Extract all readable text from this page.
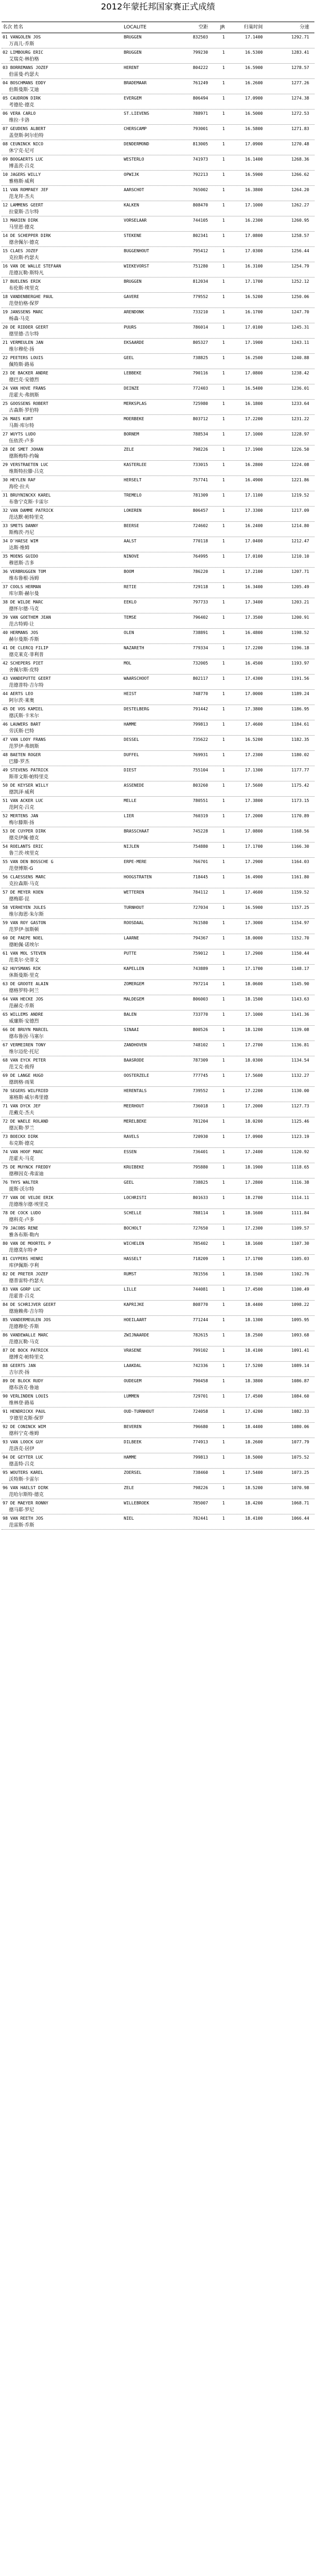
2012年蒙托邦国家赛正式成绩

名次 姓名	LOCALITE	空距	JR	归巢时间	分速
01 VANGOLEN JOS	BRUGGEN	832503	1	17.1400	1292.71
万高儿·乔斯
02 LIMBOURG ERIC	BRUGGEN	799230	1	16.5300	1283.41
艾瑞克·林伯格
03 BORREMANS JOZEF	HERENT	804222	1	16.5900	1278.57
伯雷曼·约瑟夫
04 BOSCHMANS EDDY	BRADEMAAR	761249	1	16.2600	1277.26
伯斯曼斯·艾迪
05 CAUDRON DIRK	EVERGEM	806494	1	17.0900	1274.38
考德伦·德克
06 VERA CARLO	ST.LIEVENS	788971	1	16.5000	1272.53
维拉·卡洛
07 GEUDENS ALBERT	CHERSCAMP	793001	1	16.5800	1271.83
盖登斯·阿尔伯特
08 CEUNINCK NICO	DENDERMOND	813005	1	17.0900	1270.48
休宁克·尼可
09 BOOGAERTS LUC	WESTERLO	741973	1	16.1400	1268.36
博盖茨·吕克
10 JAGERS WILLY	OPWIJK	792213	1	16.5900	1266.62
雅格斯·威利
11 VAN ROMPAEY JEF	AARSCHOT	765002	1	16.3800	1264.20
范龙拜·杰夫
12 LAMMENS GEERT	KALKEN	808470	1	17.1000	1262.27
拉蒙斯·吉尔特
13 MARIEN DIRK	VORSELAAR	744105	1	16.2300	1260.95
马里恩·德克
14 DE SCHEPPER DIRK	STEKENE	802341	1	17.0800	1258.57
德舍佩尔·德克
15 CLAES JOZEF	BUGGENHOUT	795412	1	17.0300	1256.44
克拉斯·约瑟夫
16 VAN DE WALLE STEFAAN	WIEKEVORST	751280	1	16.3100	1254.79
范德瓦勒·斯特凡
17 BUELENS ERIK	BRUGGEN	812034	1	17.1700	1252.12
布伦斯·埃里克
18 VANDENBERGHE PAUL	GAVERE	779552	1	16.5200	1250.06
范登伯格·保罗
19 JANSSENS MARC	ARENDONK	733210	1	16.1700	1247.70
杨森·马克
20 DE RIDDER GEERT	PUURS	786014	1	17.0100	1245.31
德里德·吉尔特
21 VERMEULEN JAN	EKSAARDE	805327	1	17.1900	1243.11
维尔穆伦·扬
22 PEETERS LOUIS	GEEL	738825	1	16.2500	1240.88
佩特斯·路易
23 DE BACKER ANDRE	LEBBEKE	790116	1	17.0800	1238.42
德巴克·安德烈
24 VAN HOVE FRANS	DEINZE	772403	1	16.5400	1236.01
范霍夫·弗朗斯
25 GOOSSENS ROBERT	MERKSPLAS	725980	1	16.1800	1233.64
古森斯·罗伯特
26 MAES KURT	MOERBEKE	803712	1	17.2200	1231.22
马斯·库尔特
27 WUYTS LUDO	BORNEM	788534	1	17.1000	1228.97
伍依茨·卢多
28 DE SMET JOHAN	ZELE	798226	1	17.1900	1226.50
德斯梅特·约翰
29 VERSTRAETEN LUC	KASTERLEE	733015	1	16.2800	1224.08
维斯特拉滕·吕克
30 HEYLEN RAF	HERSELT	757741	1	16.4900	1221.86
海伦·拉夫
31 BRUYNINCKX KAREL	TREMELO	781309	1	17.1100	1219.52
布鲁宁克斯·卡雷尔
32 VAN DAMME PATRICK	LOKEREN	806457	1	17.3300	1217.09
范达默·帕特里克
33 SMETS DANNY	BEERSE	724602	1	16.2400	1214.80
斯梅茨·丹尼
34 D'HAESE WIM	AALST	770118	1	17.0400	1212.47
达斯·维姆
35 MOENS GUIDO	NINOVE	764995	1	17.0100	1210.10
穆恩斯·吉多
36 VERBRUGGEN TOM	BOOM	786220	1	17.2100	1207.71
维布鲁根·汤姆
37 COOLS HERMAN	RETIE	729118	1	16.3400	1205.49
库尔斯·赫尔曼
38 DE WILDE MARC	EEKLO	797733	1	17.3400	1203.21
德怀尔德·马克
39 VAN GOETHEM JEAN	TEMSE	796402	1	17.3500	1200.91
范古特姆·让
40 HERMANS JOS	OLEN	738891	1	16.4800	1198.52
赫尔曼斯·乔斯
41 DE CLERCQ FILIP	NAZARETH	779334	1	17.2200	1196.18
德克莱克·菲利普
42 SCHEPERS PIET	MOL	732005	1	16.4500	1193.97
舍佩尔斯·皮特
43 VANDEPUTTE GEERT	WAARSCHOOT	802117	1	17.4300	1191.56
范德普特·吉尔特
44 AERTS LEO	HEIST	748770	1	17.0000	1189.24
阿尔茨·莱奥
45 DE VOS KAMIEL	DESTELBERG	791442	1	17.3800	1186.95
德沃斯·卡米尔
46 LAUWERS BART	HAMME	799813	1	17.4600	1184.61
劳沃斯·巴特
47 VAN LOOY FRANS	DESSEL	735622	1	16.5200	1182.35
范罗伊·弗朗斯
48 BAETEN ROGER	DUFFEL	769931	1	17.2300	1180.02
巴滕·罗杰
49 STEVENS PATRICK	DIEST	755104	1	17.1300	1177.77
斯蒂文斯·帕特里克
50 DE KEYSER WILLY	ASSENEDE	803260	1	17.5600	1175.42
德凯泽·威利
51 VAN ACKER LUC	MELLE	780551	1	17.3800	1173.15
范阿克·吕克
52 MERTENS JAN	LIER	760319	1	17.2000	1170.89
梅尔滕斯·扬
53 DE CUYPER DIRK	BRASSCHAAT	745228	1	17.0800	1168.56
德克伊佩·德克
54 ROELANTS ERIC	NIJLEN	754880	1	17.1700	1166.30
鲁兰茨·埃里克
55 VAN DEN BOSSCHE G	ERPE-MERE	766701	1	17.2900	1164.03
范登博斯·G
56 CLAESSENS MARC	HOOGSTRATEN	718445	1	16.4900	1161.80
克拉森斯·马克
57 DE MEYER KOEN	WETTEREN	784112	1	17.4600	1159.52
德梅耶·昆
58 VERHEYEN JULES	TURNHOUT	727034	1	16.5900	1157.25
维尔海恩·朱尔斯
59 VAN ROY GASTON	ROOSDAAL	761580	1	17.3000	1154.97
范罗伊·加斯顿
60 DE PAEPE NOEL	LAARNE	794367	1	18.0000	1152.70
德帕佩·诺埃尔
61 VAN MOL STEVEN	PUTTE	759012	1	17.2900	1150.44
范莫尔·史蒂文
62 HUYSMANS RIK	KAPELLEN	743889	1	17.1700	1148.17
休斯曼斯·里克
63 DE GROOTE ALAIN	ZOMERGEM	797214	1	18.0600	1145.90
德格罗特·阿兰
64 VAN HECKE JOS	MALDEGEM	806003	1	18.1500	1143.63
范赫克·乔斯
65 WILLEMS ANDRE	BALEN	733770	1	17.1000	1141.36
威廉斯·安德烈
66 DE BRUYN MARCEL	SINAAI	800526	1	18.1200	1139.08
德布鲁因·马塞尔
67 VERMEIREN TONY	ZANDHOVEN	748102	1	17.2700	1136.81
维尔迈伦·托尼
68 VAN EYCK PETER	BAASRODE	787309	1	18.0300	1134.54
范艾克·彼得
69 DE LANGE HUGO	OOSTERZELE	777745	1	17.5600	1132.27
德朗格·雨果
70 SEGERS WILFRIED	HERENTALS	739552	1	17.2200	1130.00
塞格斯·威尔弗里德
71 VAN DYCK JEF	MEERHOUT	736018	1	17.2000	1127.73
范戴克·杰夫
72 DE WAELE ROLAND	MERELBEKE	781204	1	18.0200	1125.46
德瓦勒·罗兰
73 BOECKX DIRK	RAVELS	720930	1	17.0900	1123.19
布克斯·德克
74 VAN HOOF MARC	ESSEN	736401	1	17.2400	1120.92
范霍夫·马克
75 DE MUYNCK FREDDY	KRUIBEKE	795880	1	18.1900	1118.65
德穆因克·弗雷迪
76 THYS WALTER	GEEL	738825	1	17.2800	1116.38
提斯·沃尔特
77 VAN DE VELDE ERIK	LOCHRISTI	801633	1	18.2700	1114.11
范德维尔德·埃里克
78 DE COCK LUDO	SCHELLE	788114	1	18.1600	1111.84
德科克·卢多
79 JACOBS RENE	BOCHOLT	727650	1	17.2300	1109.57
雅各布斯·勒内
80 VAN DE MOORTEL P	WICHELEN	785402	1	18.1600	1107.30
范德莫尔特·P
81 CUYPERS HENRI	HASSELT	718209	1	17.1700	1105.03
库伊佩斯·亨利
82 DE PRETER JOZEF	RUMST	781556	1	18.1500	1102.76
德普雷特·约瑟夫
83 VAN GORP LUC	LILLE	744081	1	17.4500	1100.49
范霍普·吕克
84 DE SCHRIJVER GEERT	KAPRIJKE	808770	1	18.4400	1098.22
德施赖弗·吉尔特
85 VANDERMEULEN JOS	HOEILAART	771244	1	18.1300	1095.95
范德穆伦·乔斯
86 VANDEWALLE MARC	ZWIJNAARDE	782615	1	18.2500	1093.68
范德瓦勒·马克
87 DE BOCK PATRICK	VRASENE	799102	1	18.4100	1091.41
德博克·帕特里克
88 GEERTS JAN	LAAKDAL	742336	1	17.5200	1089.14
吉尔茨·扬
89 DE BLOCK RUDY	OUDEGEM	790458	1	18.3800	1086.87
德布洛克·鲁迪
90 VERLINDEN LOUIS	LUMMEN	729701	1	17.4500	1084.60
维林登·路易
91 HENDRICKX PAUL	OUD-TURNHOUT	724058	1	17.4200	1082.33
亨德里克斯·保罗
92 DE CONINCK WIM	BEVEREN	796680	1	18.4400	1080.06
德科宁克·维姆
93 VAN LOOCK GUY	DILBEEK	774913	1	18.2600	1077.79
范洛克·居伊
94 DE GEYTER LUC	HAMME	799813	1	18.5000	1075.52
德盖特·吕克
95 WOUTERS KAREL	ZOERSEL	738460	1	17.5400	1073.25
沃特斯·卡雷尔
96 VAN HAELST DIRK	ZELE	798226	1	18.5200	1070.98
范哈尔斯特·德克
97 DE MAEYER RONNY	WILLEBROEK	785007	1	18.4200	1068.71
德马耶·罗尼
98 VAN REETH JOS	NIEL	782441	1	18.4100	1066.44
范雷斯·乔斯
